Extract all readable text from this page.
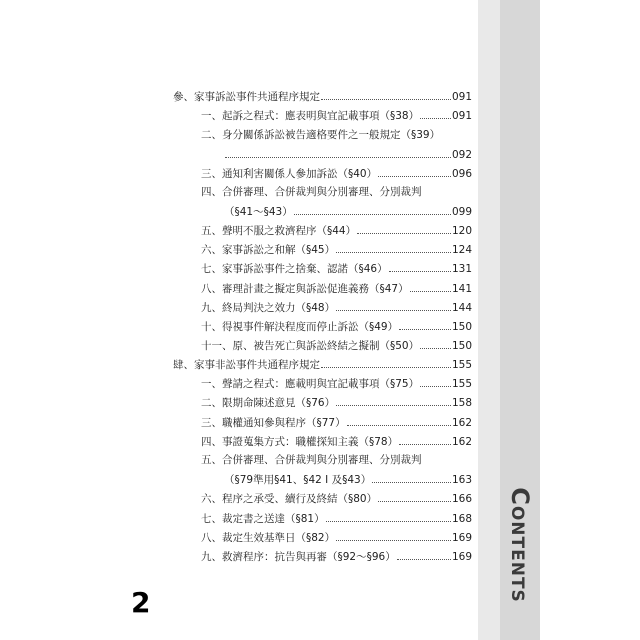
Contents
參、家事訴訟事件共通程序規定	091
一、起訴之程式：應表明與宜記載事項（§38）	091
二、身分關係訴訟被告適格要件之一般規定（§39）
092
三、通知利害關係人參加訴訟（§40）	096
四、合併審理、合併裁判與分別審理、分別裁判
（§41～§43）	099
五、聲明不服之救濟程序（§44）	120
六、家事訴訟之和解（§45）	124
七、家事訴訟事件之捨棄、認諾（§46）	131
八、審理計畫之擬定與訴訟促進義務（§47）	141
九、終局判決之效力（§48）	144
十、得視事件解決程度而停止訴訟（§49）	150
十一、原、被告死亡與訴訟終結之擬制（§50）	150
肆、家事非訟事件共通程序規定	155
一、聲請之程式：應載明與宜記載事項（§75）	155
二、限期命陳述意見（§76）	158
三、職權通知參與程序（§77）	162
四、事證蒐集方式：職權探知主義（§78）	162
五、合併審理、合併裁判與分別審理、分別裁判
（§79準用§41、§42 I 及§43）	163
六、程序之承受、續行及終結（§80）	166
七、裁定書之送達（§81）	168
八、裁定生效基準日（§82）	169
九、救濟程序：抗告與再審（§92～§96）	169
2
